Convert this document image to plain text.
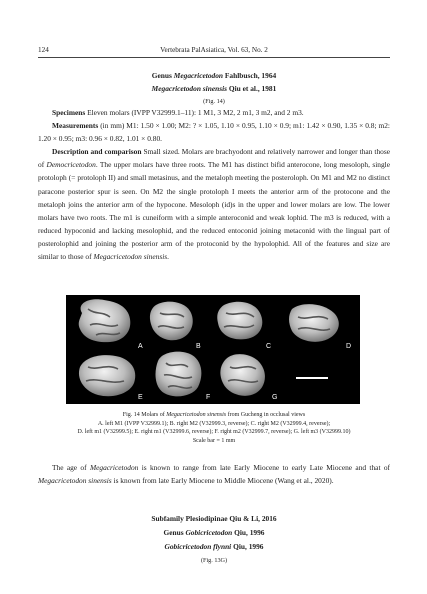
124	Vertebrata PalAsiatica, Vol. 63, No. 2
Genus Megacricetodon Fahlbusch, 1964
Megacricetodon sinensis Qiu et al., 1981
(Fig. 14)

Specimens Eleven molars (IVPP V32999.1–11): 1 M1, 3 M2, 2 m1, 3 m2, and 2 m3.

Measurements (in mm) M1: 1.50 × 1.00; M2: ? × 1.05, 1.10 × 0.95, 1.10 × 0.9; m1: 1.42 × 0.90, 1.35 × 0.8; m2: 1.20 × 0.95; m3: 0.96 × 0.82, 1.01 × 0.80.

Description and comparison Small sized. Molars are brachyodont and relatively narrower and longer than those of Democricetodon. The upper molars have three roots. The M1 has distinct bifid anterocone, long mesoloph, single protoloph (= protoloph II) and small metasinus, and the metaloph meeting the posteroloph. On M1 and M2 no distinct paracone posterior spur is seen. On M2 the single protoloph I meets the anterior arm of the protocone and the metaloph joins the anterior arm of the hypocone. Mesoloph (id)s in the upper and lower molars are low. The lower molars have two roots. The m1 is cuneiform with a simple anteroconid and weak lophid. The m3 is reduced, with a reduced hypoconid and lacking mesolophid, and the reduced entoconid joining metaconid with the lingual part of posterolophid and joining the posterior arm of the protoconid by the hypolophid. All of the features and size are similar to those of Megacricetodon sinensis.

A	B	C	D
E	F	G
Fig. 14 Molars of Megacricetodon sinensis from Gucheng in occlusal views
A. left M1 (IVPP V32999.1); B. right M2 (V32999.3, reverse); C. right M2 (V32999.4, reverse);
D. left m1 (V32999.5); E. right m1 (V32999.6, reverse); F. right m2 (V32999.7, reverse); G. left m3 (V32999.10)
Scale bar = 1 mm

The age of Megacricetodon is known to range from late Early Miocene to early Late Miocene and that of Megacricetodon sinensis is known from late Early Miocene to Middle Miocene (Wang et al., 2020).

Subfamily Plesiodipinae Qiu & Li, 2016
Genus Gobicricetodon Qiu, 1996
Gobicricetodon flynni Qiu, 1996
(Fig. 13G)
